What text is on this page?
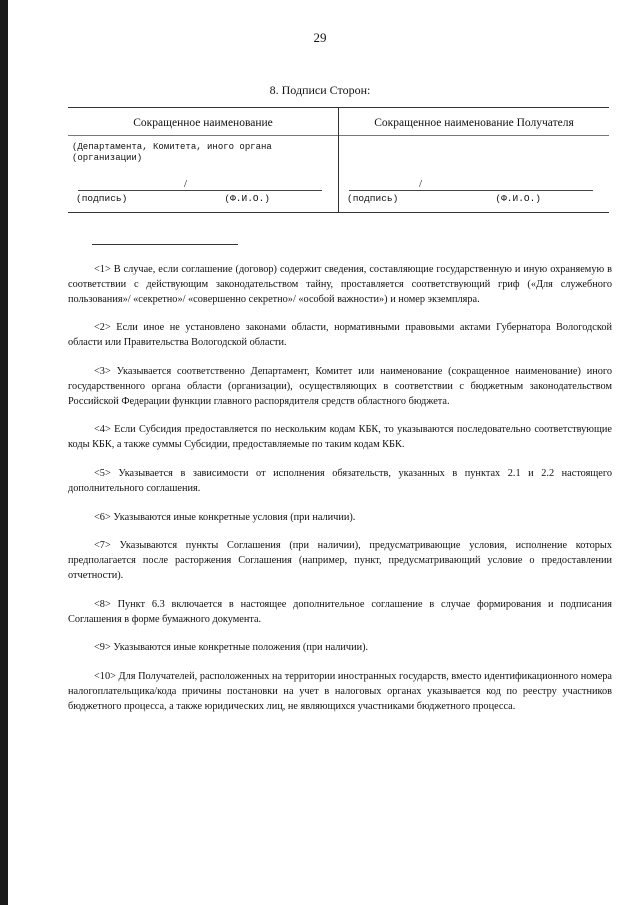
29
8. Подписи Сторон:
Сокращенное наименование
(Департамента, Комитета, иного органа (организации)
/
(подпись)	(Ф.И.О.)
Сокращенное наименование Получателя
/
(подпись)	(Ф.И.О.)

<1> В случае, если соглашение (договор) содержит сведения, составляющие государственную и иную охраняемую в соответствии с действующим законодательством тайну, проставляется соответствующий гриф («Для служебного пользования»/ «секретно»/ «совершенно секретно»/ «особой важности») и номер экземпляра.

<2> Если иное не установлено законами области, нормативными правовыми актами Губернатора Вологодской области или Правительства Вологодской области.

<3> Указывается соответственно Департамент, Комитет или наименование (сокращенное наименование) иного государственного органа области (организации), осуществляющих в соответствии с бюджетным законодательством Российской Федерации функции главного распорядителя средств областного бюджета.

<4> Если Субсидия предоставляется по нескольким кодам КБК, то указываются последовательно соответствующие коды КБК, а также суммы Субсидии, предоставляемые по таким кодам КБК.

<5> Указывается в зависимости от исполнения обязательств, указанных в пунктах 2.1 и 2.2 настоящего дополнительного соглашения.

<6> Указываются иные конкретные условия (при наличии).

<7> Указываются пункты Соглашения (при наличии), предусматривающие условия, исполнение которых предполагается после расторжения Соглашения (например, пункт, предусматривающий условие о предоставлении отчетности).

<8> Пункт 6.3 включается в настоящее дополнительное соглашение в случае формирования и подписания Соглашения в форме бумажного документа.

<9> Указываются иные конкретные положения (при наличии).

<10> Для Получателей, расположенных на территории иностранных государств, вместо идентификационного номера налогоплательщика/кода причины постановки на учет в налоговых органах указывается код по реестру участников бюджетного процесса, а также юридических лиц, не являющихся участниками бюджетного процесса.
